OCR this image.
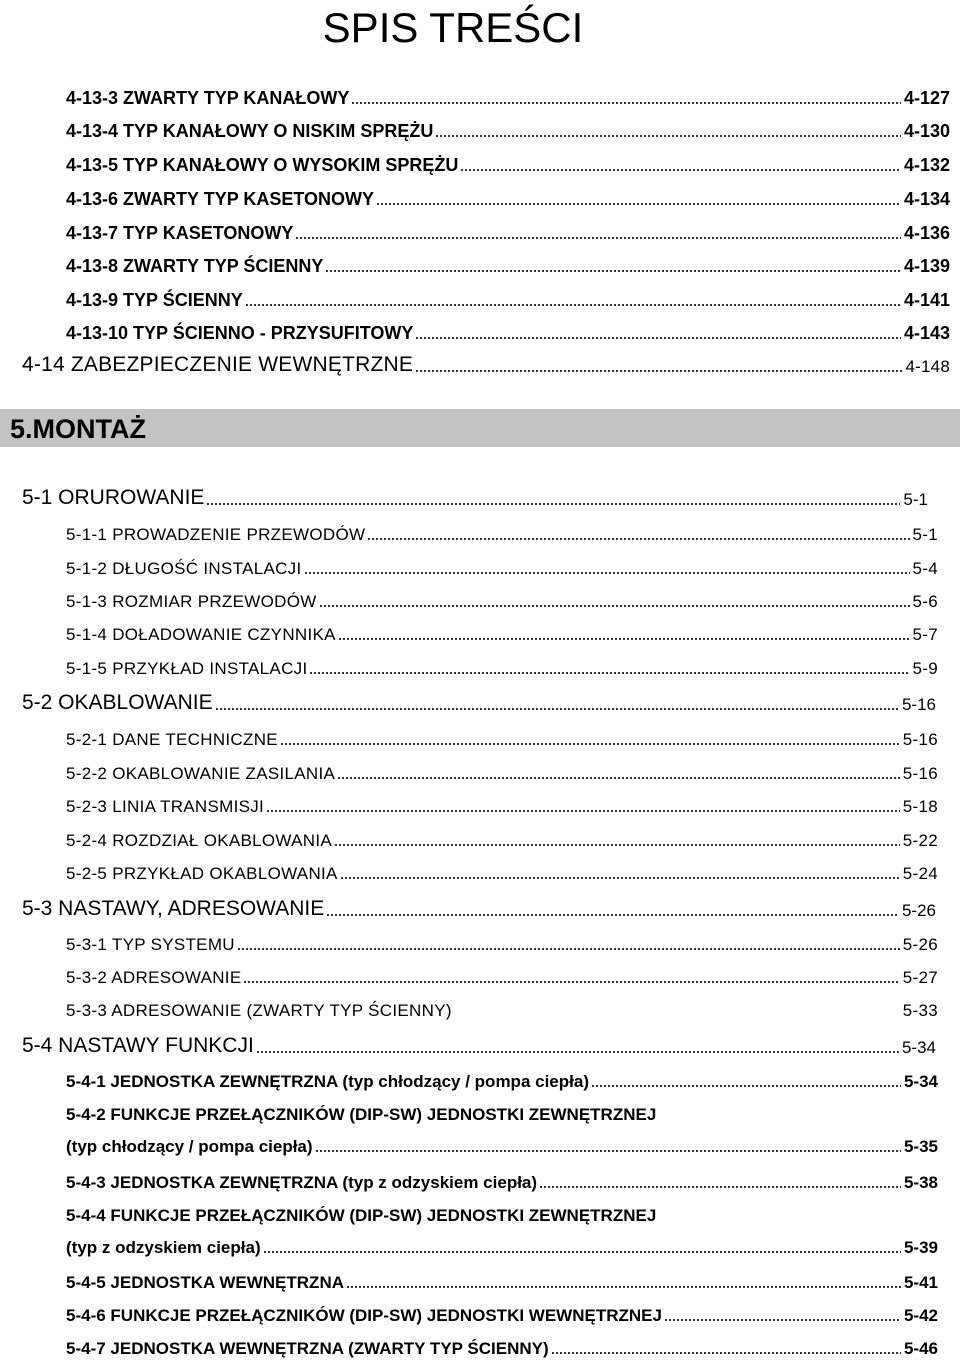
SPIS TREŚCI
4-13-3 ZWARTY TYP KANAŁOWY	4-127
4-13-4 TYP KANAŁOWY O NISKIM SPRĘŻU	4-130
4-13-5 TYP KANAŁOWY O WYSOKIM SPRĘŻU	4-132
4-13-6 ZWARTY TYP KASETONOWY	4-134
4-13-7 TYP KASETONOWY	4-136
4-13-8 ZWARTY TYP ŚCIENNY	4-139
4-13-9 TYP ŚCIENNY	4-141
4-13-10 TYP ŚCIENNO - PRZYSUFITOWY	4-143
4-14 ZABEZPIECZENIE WEWNĘTRZNE	4-148
5.MONTAŻ
5-1 ORUROWANIE	5-1
5-1-1 PROWADZENIE PRZEWODÓW	5-1
5-1-2 DŁUGOŚĆ INSTALACJI	5-4
5-1-3 ROZMIAR PRZEWODÓW	5-6
5-1-4 DOŁADOWANIE CZYNNIKA	5-7
5-1-5 PRZYKŁAD INSTALACJI	5-9
5-2 OKABLOWANIE	5-16
5-2-1 DANE TECHNICZNE	5-16
5-2-2 OKABLOWANIE ZASILANIA	5-16
5-2-3 LINIA TRANSMISJI	5-18
5-2-4 ROZDZIAŁ OKABLOWANIA	5-22
5-2-5 PRZYKŁAD OKABLOWANIA	5-24
5-3 NASTAWY, ADRESOWANIE	5-26
5-3-1 TYP SYSTEMU	5-26
5-3-2 ADRESOWANIE	5-27
5-3-3 ADRESOWANIE (ZWARTY TYP ŚCIENNY)	5-33
5-4 NASTAWY FUNKCJI	5-34
5-4-1 JEDNOSTKA ZEWNĘTRZNA (typ chłodzący / pompa ciepła)	5-34
5-4-2 FUNKCJE PRZEŁĄCZNIKÓW (DIP-SW) JEDNOSTKI ZEWNĘTRZNEJ
(typ chłodzący / pompa ciepła)	5-35
5-4-3 JEDNOSTKA ZEWNĘTRZNA (typ z odzyskiem ciepła)	5-38
5-4-4 FUNKCJE PRZEŁĄCZNIKÓW (DIP-SW) JEDNOSTKI ZEWNĘTRZNEJ
(typ z odzyskiem ciepła)	5-39
5-4-5 JEDNOSTKA WEWNĘTRZNA	5-41
5-4-6 FUNKCJE PRZEŁĄCZNIKÓW (DIP-SW) JEDNOSTKI WEWNĘTRZNEJ	5-42
5-4-7 JEDNOSTKA WEWNĘTRZNA (ZWARTY TYP ŚCIENNY)	5-46
